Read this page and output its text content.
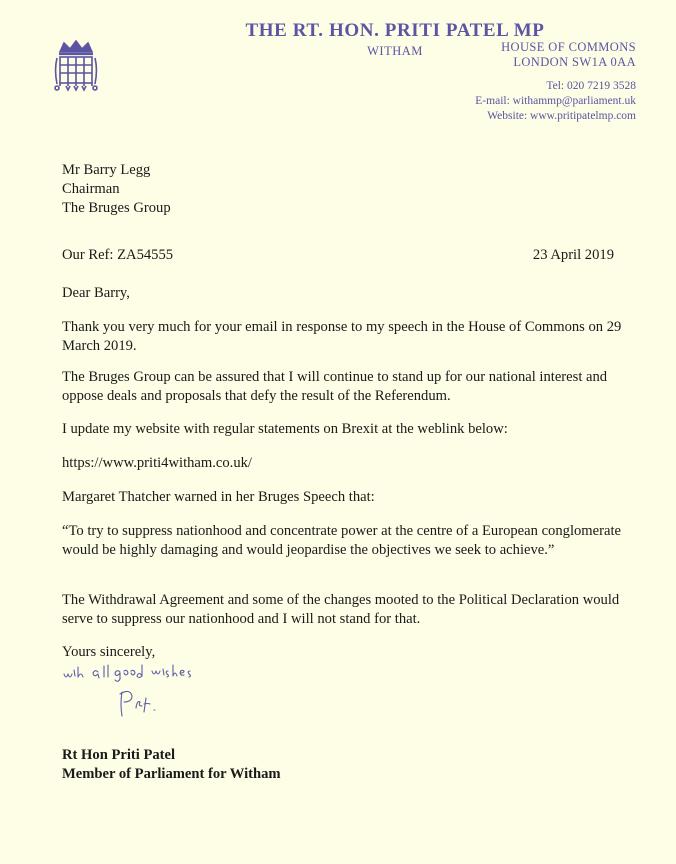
THE RT. HON. PRITI PATEL MP
WITHAM	HOUSE OF COMMONS
LONDON SW1A 0AA
Tel: 020 7219 3528
E-mail: withammp@parliament.uk
Website: www.pritipatelmp.com
Mr Barry Legg
Chairman
The Bruges Group
Our Ref: ZA54555	23 April 2019

Dear Barry,

Thank you very much for your email in response to my speech in the House of Commons on 29 March 2019.

The Bruges Group can be assured that I will continue to stand up for our national interest and oppose deals and proposals that defy the result of the Referendum.

I update my website with regular statements on Brexit at the weblink below:

https://www.priti4witham.co.uk/

Margaret Thatcher warned in her Bruges Speech that:

“To try to suppress nationhood and concentrate power at the centre of a European conglomerate would be highly damaging and would jeopardise the objectives we seek to achieve.”

The Withdrawal Agreement and some of the changes mooted to the Political Declaration would serve to suppress our nationhood and I will not stand for that.

Yours sincerely,

Rt Hon Priti Patel
Member of Parliament for Witham
